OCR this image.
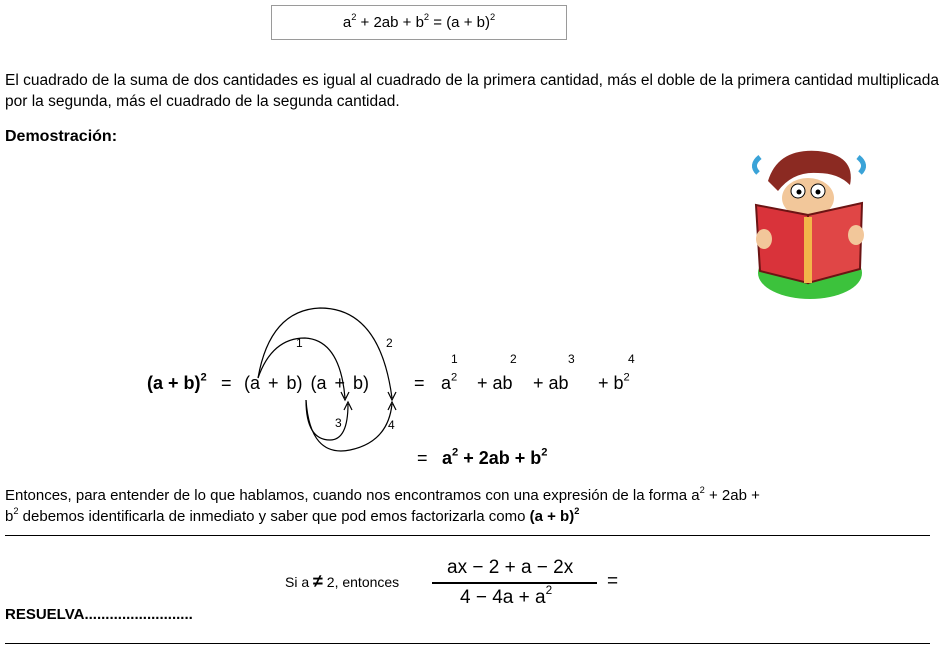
$a^2 + 2ab + b^2 = (a + b)^2$
El cuadrado de la suma de dos cantidades es igual al cuadrado de la primera cantidad, más el doble de la primera cantidad multiplicada por la segunda, más el cuadrado de la segunda cantidad.
Demostración:
1	2
3	4
$(a + b)^2 = (a + b)$ (a + b) =
1	2	3	4
$a^2$ + ab + ab + $b^2$
= $a^2 + 2ab + b^2$
Entonces, para entender de lo que hablamos, cuando nos encontramos con una expresión de la forma $a^2 + 2ab$ +
$b^2$ debemos identificarla de inmediato y saber que pod emos factorizarla como $(a + b)^2$
Si a ≠ 2, entonces
ax − 2 + a − 2x
$4 - 4a + a^2$	=
RESUELVA..........................
